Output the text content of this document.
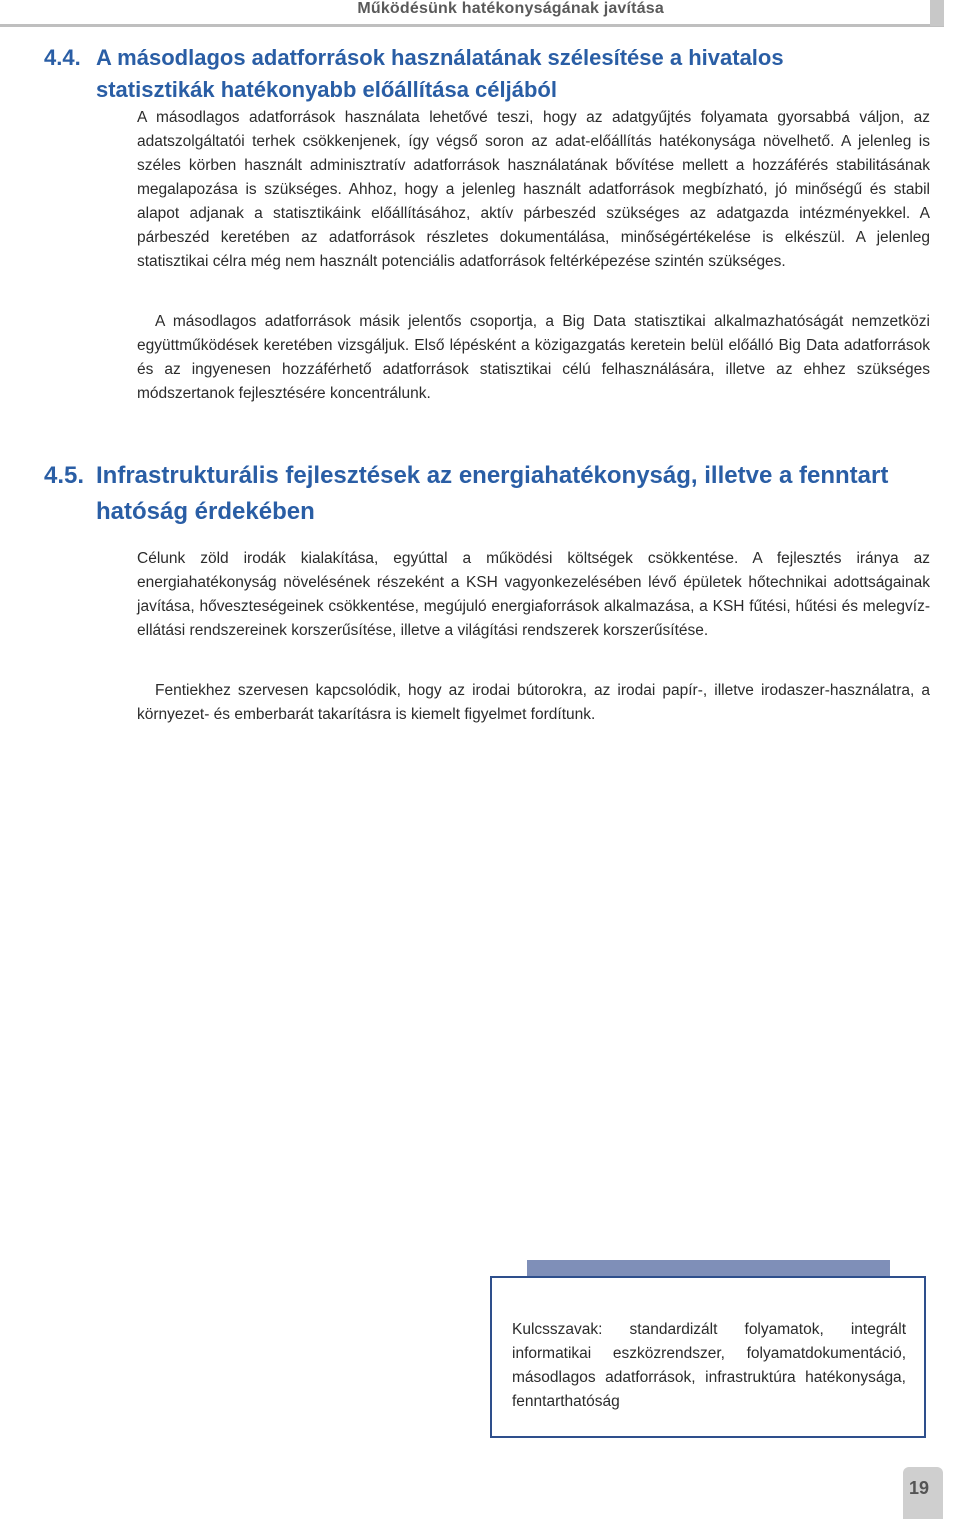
Működésünk hatékonyságának javítása
4.4. A másodlagos adatforrások használatának szélesítése a hivatalos
statisztikák hatékonyabb előállítása céljából

A másodlagos adatforrások használata lehetővé teszi, hogy az adatgyűjtés folyamata gyorsabbá váljon, az adatszolgáltatói terhek csökkenjenek, így végső soron az adat-előállítás hatékonysága növelhető. A jelenleg is széles körben használt adminisztratív adatforrások használatának bővítése mellett a hozzáférés stabilitásának megalapozása is szükséges. Ahhoz, hogy a jelenleg használt adatforrások megbízható, jó minőségű és stabil alapot adjanak a statisztikáink előállításához, aktív párbeszéd szükséges az adatgazda intézményekkel. A párbeszéd keretében az adatforrások részletes dokumentálása, minőségértékelése is elkészül. A jelenleg statisztikai célra még nem használt potenciális adatforrások feltérképezése szintén szükséges.

A másodlagos adatforrások másik jelentős csoportja, a Big Data statisztikai alkalmazhatóságát nemzetközi együttműködések keretében vizsgáljuk. Első lépésként a közigazgatás keretein belül előálló Big Data adatforrások és az ingyenesen hozzáférhető adatforrások statisztikai célú felhasználására, illetve az ehhez szükséges módszertanok fejlesztésére koncentrálunk.

4.5. Infrastrukturális fejlesztések az energiahatékonyság, illetve a fenntart
hatóság érdekében

Célunk zöld irodák kialakítása, egyúttal a működési költségek csökkentése. A fejlesztés iránya az energiahatékonyság növelésének részeként a KSH vagyonkezelésében lévő épületek hőtechnikai adottságainak javítása, hőveszteségeinek csökkentése, megújuló energiaforrások alkalmazása, a KSH fűtési, hűtési és melegvíz-ellátási rendszereinek korszerűsítése, illetve a világítási rendszerek korszerűsítése.

Fentiekhez szervesen kapcsolódik, hogy az irodai bútorokra, az irodai papír-, illetve irodaszer-használatra, a környezet- és emberbarát takarításra is kiemelt figyelmet fordítunk.

Kulcsszavak: standardizált folyamatok, integrált informatikai eszközrendszer, folyamatdokumentáció, másodlagos adatforrások, infrastruktúra hatékonysága, fenntarthatóság

19
